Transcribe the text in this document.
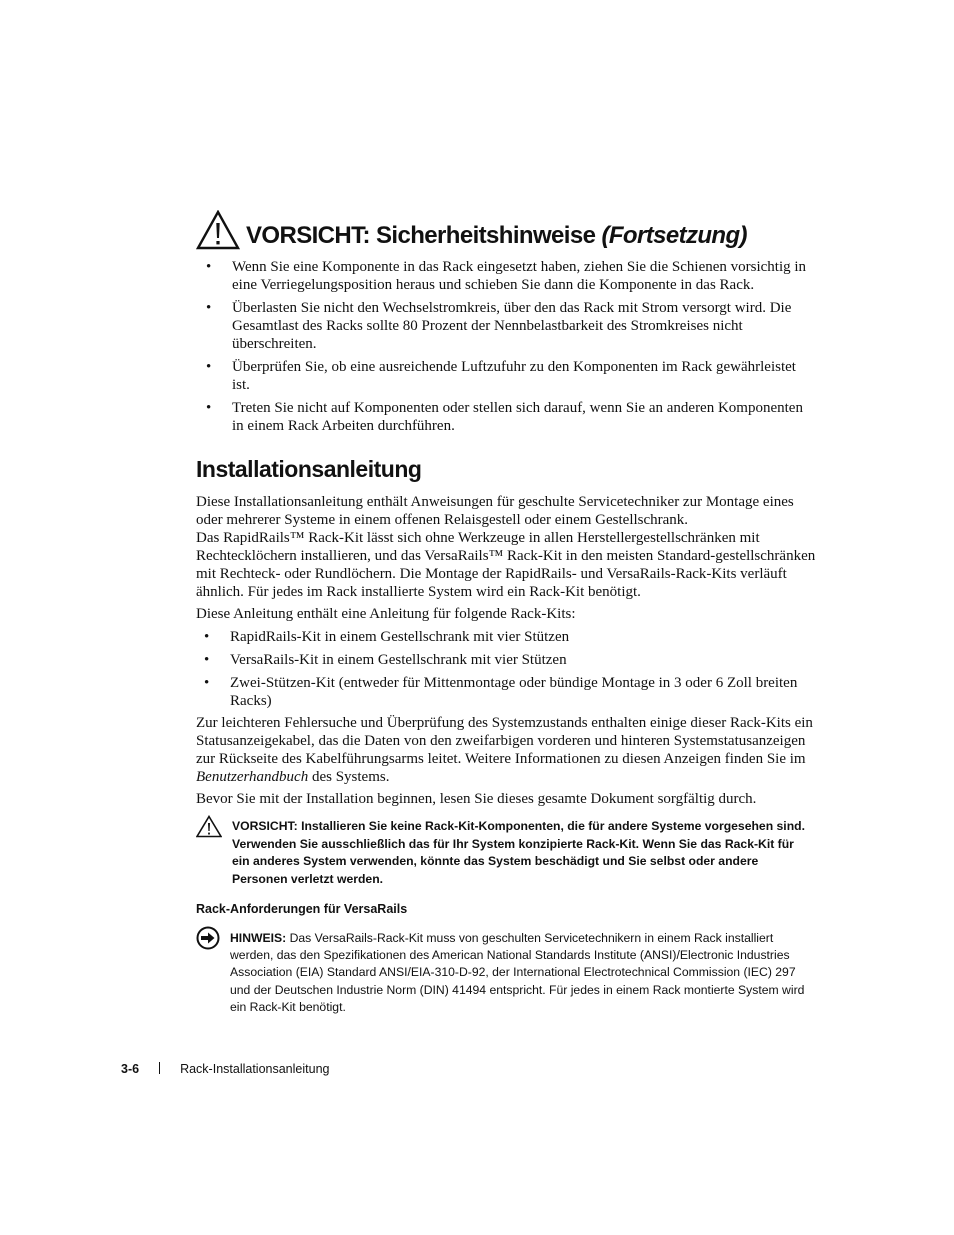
VORSICHT: Sicherheitshinweise (Fortsetzung)
• Wenn Sie eine Komponente in das Rack eingesetzt haben, ziehen Sie die Schienen vorsichtig in eine Verriegelungsposition heraus und schieben Sie dann die Komponente in das Rack.
• Überlasten Sie nicht den Wechselstromkreis, über den das Rack mit Strom versorgt wird. Die Gesamtlast des Racks sollte 80 Prozent der Nennbelastbarkeit des Stromkreises nicht überschreiten.
• Überprüfen Sie, ob eine ausreichende Luftzufuhr zu den Komponenten im Rack gewährleistet ist.
• Treten Sie nicht auf Komponenten oder stellen sich darauf, wenn Sie an anderen Komponenten in einem Rack Arbeiten durchführen.
Installationsanleitung
Diese Installationsanleitung enthält Anweisungen für geschulte Servicetechniker zur Montage eines oder mehrerer Systeme in einem offenen Relaisgestell oder einem Gestellschrank.
Das RapidRails™ Rack-Kit lässt sich ohne Werkzeuge in allen Herstellergestellschränken mit Rechtecklöchern installieren, und das VersaRails™ Rack-Kit in den meisten Standard-gestellschränken mit Rechteck- oder Rundlöchern. Die Montage der RapidRails- und VersaRails-Rack-Kits verläuft ähnlich. Für jedes im Rack installierte System wird ein Rack-Kit benötigt.
Diese Anleitung enthält eine Anleitung für folgende Rack-Kits:
• RapidRails-Kit in einem Gestellschrank mit vier Stützen
• VersaRails-Kit in einem Gestellschrank mit vier Stützen
• Zwei-Stützen-Kit (entweder für Mittenmontage oder bündige Montage in 3 oder 6 Zoll breiten Racks)
Zur leichteren Fehlersuche und Überprüfung des Systemzustands enthalten einige dieser Rack-Kits ein Statusanzeigekabel, das die Daten von den zweifarbigen vorderen und hinteren Systemstatusanzeigen zur Rückseite des Kabelführungsarms leitet. Weitere Informationen zu diesen Anzeigen finden Sie im Benutzerhandbuch des Systems.
Bevor Sie mit der Installation beginnen, lesen Sie dieses gesamte Dokument sorgfältig durch.
VORSICHT: Installieren Sie keine Rack-Kit-Komponenten, die für andere Systeme vorgesehen sind. Verwenden Sie ausschließlich das für Ihr System konzipierte Rack-Kit. Wenn Sie das Rack-Kit für ein anderes System verwenden, könnte das System beschädigt und Sie selbst oder andere Personen verletzt werden.
Rack-Anforderungen für VersaRails
HINWEIS: Das VersaRails-Rack-Kit muss von geschulten Servicetechnikern in einem Rack installiert werden, das den Spezifikationen des American National Standards Institute (ANSI)/Electronic Industries Association (EIA) Standard ANSI/EIA-310-D-92, der International Electrotechnical Commission (IEC) 297 und der Deutschen Industrie Norm (DIN) 41494 entspricht. Für jedes in einem Rack montierte System wird ein Rack-Kit benötigt.
3-6	Rack-Installationsanleitung
